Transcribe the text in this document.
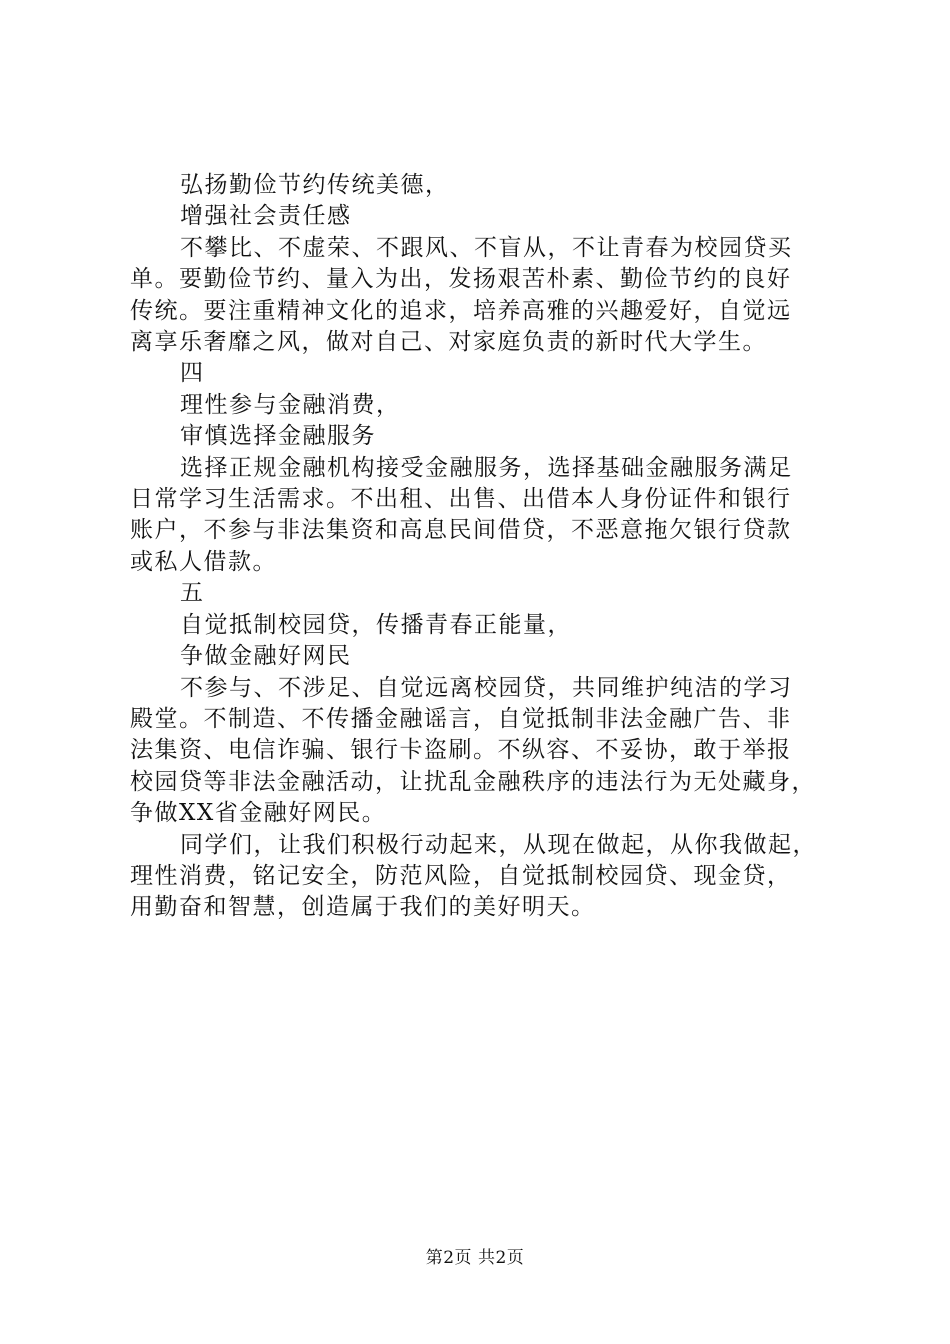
弘扬勤俭节约传统美德，

增强社会责任感

不攀比、不虚荣、不跟风、不盲从，不让青春为校园贷买

单。要勤俭节约、量入为出，发扬艰苦朴素、勤俭节约的良好

传统。要注重精神文化的追求，培养高雅的兴趣爱好，自觉远

离享乐奢靡之风，做对自己、对家庭负责的新时代大学生。

四

理性参与金融消费，

审慎选择金融服务

选择正规金融机构接受金融服务，选择基础金融服务满足

日常学习生活需求。不出租、出售、出借本人身份证件和银行

账户，不参与非法集资和高息民间借贷，不恶意拖欠银行贷款

或私人借款。

五

自觉抵制校园贷，传播青春正能量，

争做金融好网民

不参与、不涉足、自觉远离校园贷，共同维护纯洁的学习

殿堂。不制造、不传播金融谣言，自觉抵制非法金融广告、非

法集资、电信诈骗、银行卡盗刷。不纵容、不妥协，敢于举报

校园贷等非法金融活动，让扰乱金融秩序的违法行为无处藏身，

争做XX省金融好网民。

同学们，让我们积极行动起来，从现在做起，从你我做起，

理性消费，铭记安全，防范风险，自觉抵制校园贷、现金贷，

用勤奋和智慧，创造属于我们的美好明天。

第2页 共2页
